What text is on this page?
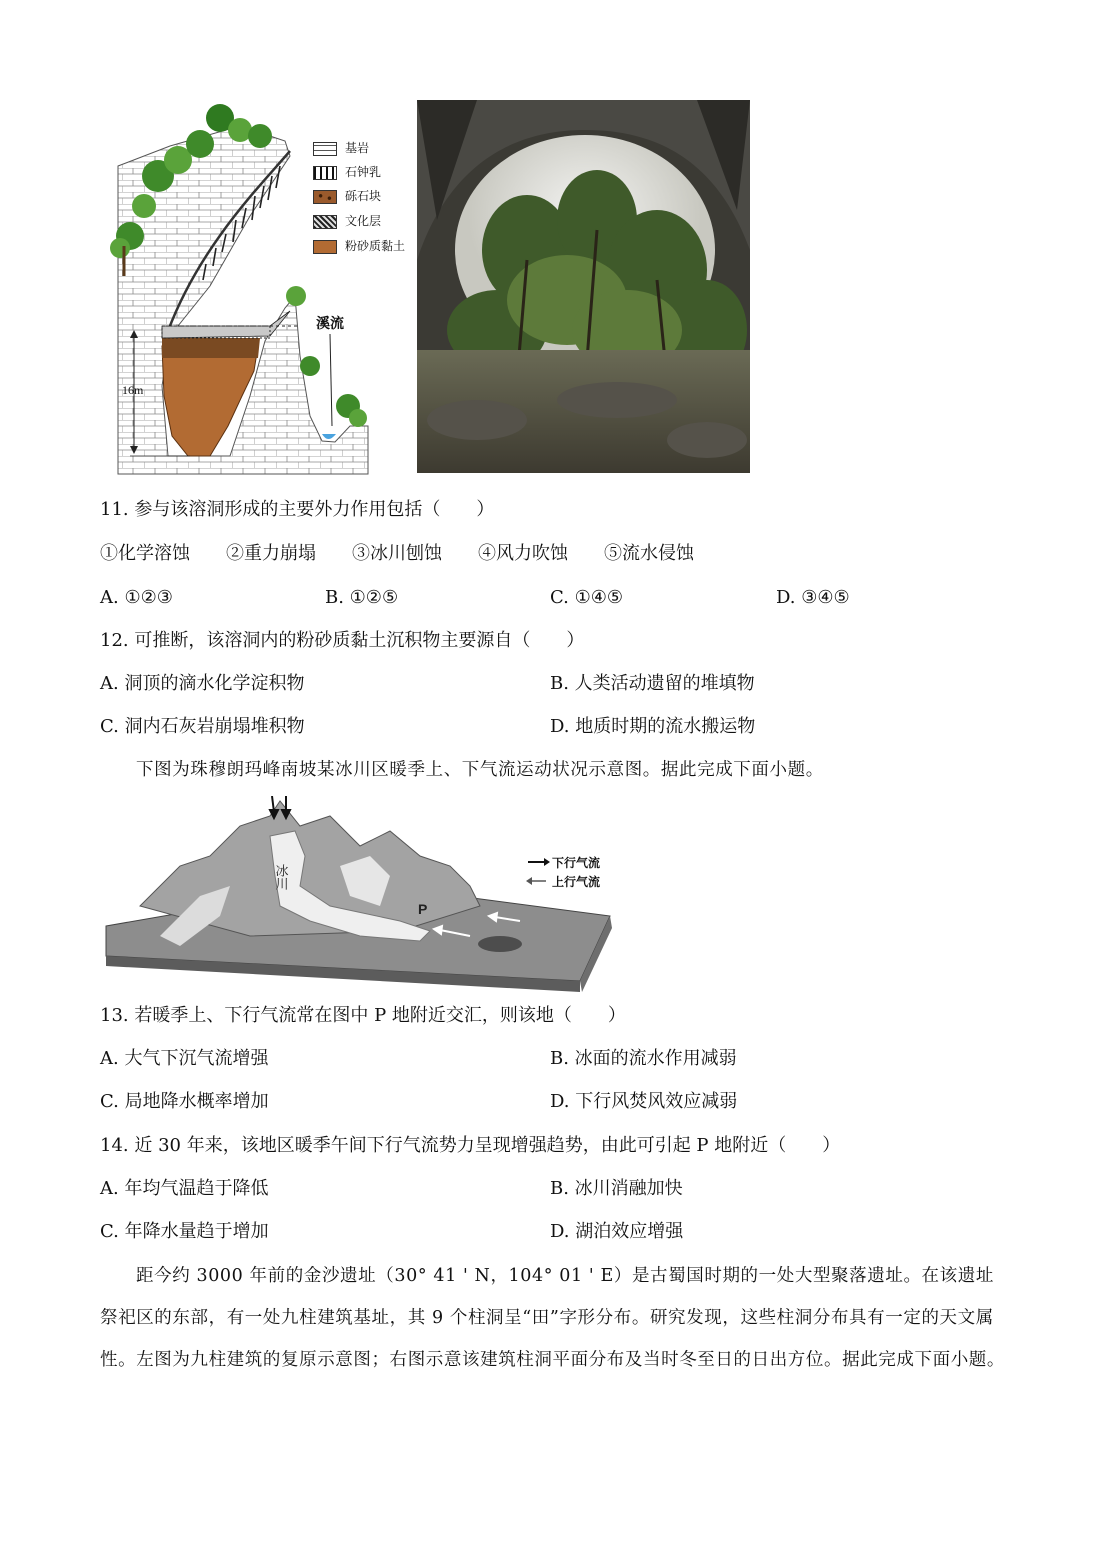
16m
溪流
基岩
石钟乳
砾石块
文化层
粉砂质黏土
11. 参与该溶洞形成的主要外力作用包括（　　）
①化学溶蚀　　②重力崩塌　　③冰川刨蚀　　④风力吹蚀　　⑤流水侵蚀
A. ①②③	B. ①②⑤	C. ①④⑤	D. ③④⑤
12. 可推断，该溶洞内的粉砂质黏土沉积物主要源自（　　）
A. 洞顶的滴水化学淀积物	B. 人类活动遗留的堆填物
C. 洞内石灰岩崩塌堆积物	D. 地质时期的流水搬运物
下图为珠穆朗玛峰南坡某冰川区暖季上、下气流运动状况示意图。据此完成下面小题。
冰川
P
下行气流
上行气流
13. 若暖季上、下行气流常在图中 P 地附近交汇，则该地（　　）
A. 大气下沉气流增强	B. 冰面的流水作用减弱
C. 局地降水概率增加	D. 下行风焚风效应减弱
14. 近 30 年来，该地区暖季午间下行气流势力呈现增强趋势，由此可引起 P 地附近（　　）
A. 年均气温趋于降低	B. 冰川消融加快
C. 年降水量趋于增加	D. 湖泊效应增强
距今约 3000 年前的金沙遗址（30° 41 ' N，104° 01 ' E）是古蜀国时期的一处大型聚落遗址。在该遗址祭祀区的东部，有一处九柱建筑基址，其 9 个柱洞呈“田”字形分布。研究发现，这些柱洞分布具有一定的天文属性。左图为九柱建筑的复原示意图；右图示意该建筑柱洞平面分布及当时冬至日的日出方位。据此完成下面小题。
